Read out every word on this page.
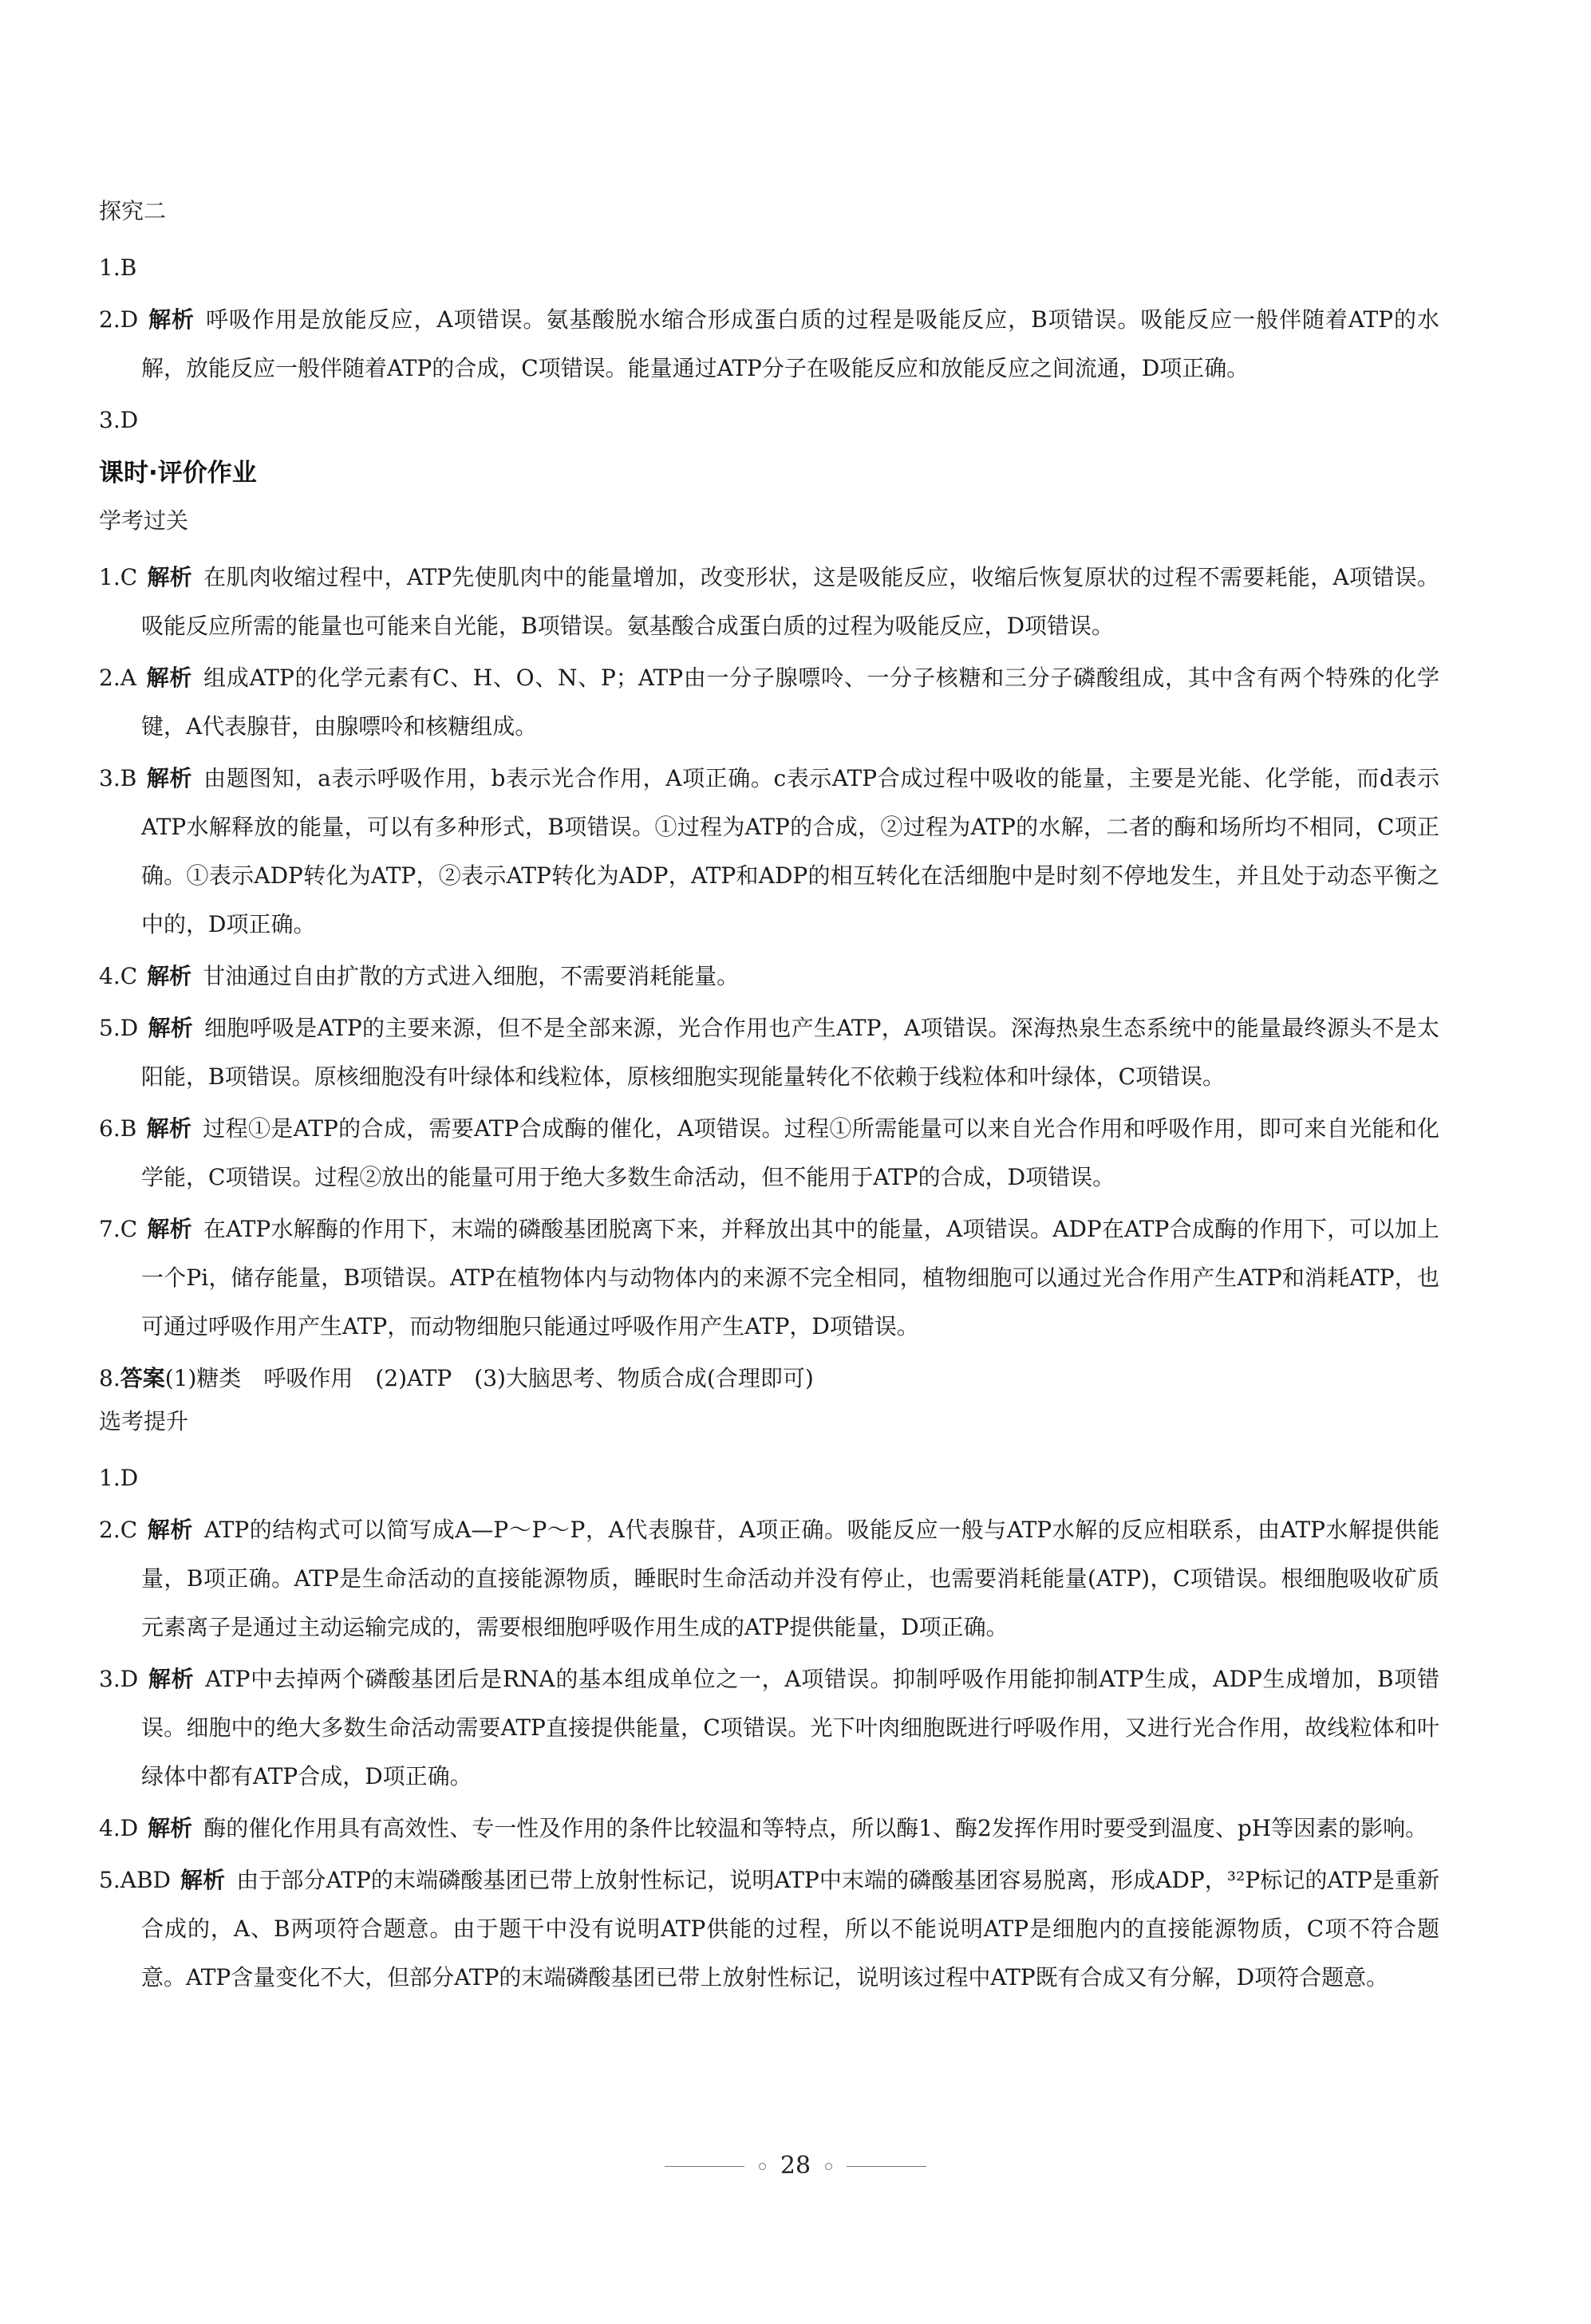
探究二
1.B
2.D 解析 呼吸作用是放能反应，A项错误。氨基酸脱水缩合形成蛋白质的过程是吸能反应，B项错误。吸能反应一般伴随着ATP的水解，放能反应一般伴随着ATP的合成，C项错误。能量通过ATP分子在吸能反应和放能反应之间流通，D项正确。
3.D
课时·评价作业
学考过关
1.C 解析 在肌肉收缩过程中，ATP先使肌肉中的能量增加，改变形状，这是吸能反应，收缩后恢复原状的过程不需要耗能，A项错误。吸能反应所需的能量也可能来自光能，B项错误。氨基酸合成蛋白质的过程为吸能反应，D项错误。
2.A 解析 组成ATP的化学元素有C、H、O、N、P；ATP由一分子腺嘌呤、一分子核糖和三分子磷酸组成，其中含有两个特殊的化学键，A代表腺苷，由腺嘌呤和核糖组成。
3.B 解析 由题图知，a表示呼吸作用，b表示光合作用，A项正确。c表示ATP合成过程中吸收的能量，主要是光能、化学能，而d表示ATP水解释放的能量，可以有多种形式，B项错误。①过程为ATP的合成，②过程为ATP的水解，二者的酶和场所均不相同，C项正确。①表示ADP转化为ATP，②表示ATP转化为ADP，ATP和ADP的相互转化在活细胞中是时刻不停地发生，并且处于动态平衡之中的，D项正确。
4.C 解析 甘油通过自由扩散的方式进入细胞，不需要消耗能量。
5.D 解析 细胞呼吸是ATP的主要来源，但不是全部来源，光合作用也产生ATP，A项错误。深海热泉生态系统中的能量最终源头不是太阳能，B项错误。原核细胞没有叶绿体和线粒体，原核细胞实现能量转化不依赖于线粒体和叶绿体，C项错误。
6.B 解析 过程①是ATP的合成，需要ATP合成酶的催化，A项错误。过程①所需能量可以来自光合作用和呼吸作用，即可来自光能和化学能，C项错误。过程②放出的能量可用于绝大多数生命活动，但不能用于ATP的合成，D项错误。
7.C 解析 在ATP水解酶的作用下，末端的磷酸基团脱离下来，并释放出其中的能量，A项错误。ADP在ATP合成酶的作用下，可以加上一个Pi，储存能量，B项错误。ATP在植物体内与动物体内的来源不完全相同，植物细胞可以通过光合作用产生ATP和消耗ATP，也可通过呼吸作用产生ATP，而动物细胞只能通过呼吸作用产生ATP，D项错误。
8.答案(1)糖类　呼吸作用　(2)ATP　(3)大脑思考、物质合成(合理即可)
选考提升
1.D
2.C 解析 ATP的结构式可以简写成A—P～P～P，A代表腺苷，A项正确。吸能反应一般与ATP水解的反应相联系，由ATP水解提供能量，B项正确。ATP是生命活动的直接能源物质，睡眠时生命活动并没有停止，也需要消耗能量(ATP)，C项错误。根细胞吸收矿质元素离子是通过主动运输完成的，需要根细胞呼吸作用生成的ATP提供能量，D项正确。
3.D 解析 ATP中去掉两个磷酸基团后是RNA的基本组成单位之一，A项错误。抑制呼吸作用能抑制ATP生成，ADP生成增加，B项错误。细胞中的绝大多数生命活动需要ATP直接提供能量，C项错误。光下叶肉细胞既进行呼吸作用，又进行光合作用，故线粒体和叶绿体中都有ATP合成，D项正确。
4.D 解析 酶的催化作用具有高效性、专一性及作用的条件比较温和等特点，所以酶1、酶2发挥作用时要受到温度、pH等因素的影响。
5.ABD 解析 由于部分ATP的末端磷酸基团已带上放射性标记，说明ATP中末端的磷酸基团容易脱离，形成ADP，³²P标记的ATP是重新合成的，A、B两项符合题意。由于题干中没有说明ATP供能的过程，所以不能说明ATP是细胞内的直接能源物质，C项不符合题意。ATP含量变化不大，但部分ATP的末端磷酸基团已带上放射性标记，说明该过程中ATP既有合成又有分解，D项符合题意。
28
